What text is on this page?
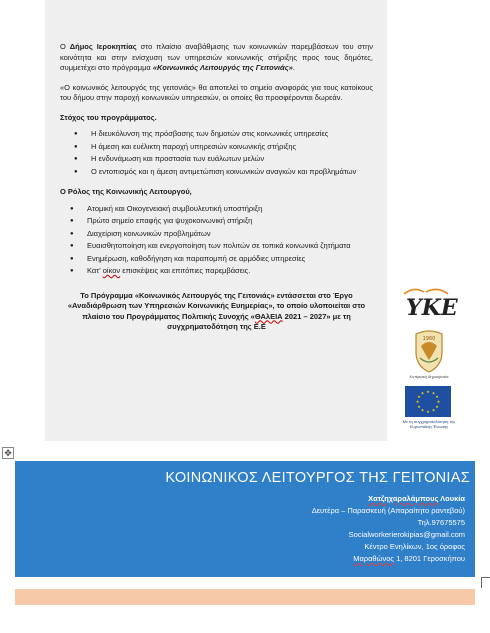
Ο Δήμος Ιεροκηπίας στο πλαίσιο αναβάθμισης των κοινωνικών παρεμβάσεων του στην κοινότητα και στην ενίσχυση των υπηρεσιών κοινωνικής στήριξης προς τους δημότες, συμμετέχει στο πρόγραμμα «Κοινωνικός Λειτουργός της Γειτονιάς».

«Ο κοινωνικός λειτουργός της γειτονιάς» θα αποτελεί το σημείο αναφοράς για τους κατοίκους του δήμου στην παροχή κοινωνικών υπηρεσιών, οι οποίες θα προσφέρονται δωρεάν.

Στόχος του προγράμματος.

● Η διευκόλυνση της πρόσβασης των δημοτών στις κοινωνικές υπηρεσίες
● Η άμεση και ευέλικτη παροχή υπηρεσιών κοινωνικής στήριξης
● Η ενδυνάμωση και προστασία των ευάλωτων μελών
● Ο εντοπισμός και η άμεση αντιμετώπιση κοινωνικών αναγκών και προβλημάτων

Ο Ρόλος της Κοινωνικής Λειτουργού,

● Ατομική και Οικογενειακή συμβουλευτική υποστήριξη
● Πρώτο σημείο επαφής για ψυχοκοινωνική στήριξη
● Διαχείριση κοινωνικών προβλημάτων
● Ευαισθητοποίηση και ενεργοποίηση των πολιτών σε τοπικά κοινωνικά ζητήματα
● Ενημέρωση, καθοδήγηση και παραπομπή σε αρμόδιες υπηρεσίες
● Κατ' οίκον επισκέψεις και επιτόπιες παρεμβάσεις.

Το Πρόγραμμα «Κοινωνικός Λειτουργός της Γειτονιάς» εντάσσεται στο Έργο «Αναδιάρθρωση των Υπηρεσιών Κοινωνικής Ευημερίας», το οποίο υλοποιείται στο πλαίσιο του Προγράμματος Πολιτικής Συνοχής «ΘΑλΕΙΑ 2021 – 2027» με τη συγχρηματοδότηση της Ε.Ε

ΥΚΕ
1960
Κυπριακή Δημοκρατία
★ ★
★
★
★
★
★
★
★
★
★
★
Με τη συγχρηματοδότηση της Ευρωπαϊκής Ένωσης
✥
ΚΟΙΝΩΝΙΚΟΣ ΛΕΙΤΟΥΡΓΟΣ ΤΗΣ ΓΕΙΤΟΝΙΑΣ
Χατζηχαραλάμπους Λουκία
Δευτέρα – Παρασκευή (Απαραίτητο ραντεβού)
Τηλ.97675575
Socialworkerierokipias@gmail.com
Κέντρο Ενηλίκων, 1ος όροφος
Μαραθώνος 1, 8201 Γεροσκήπου
